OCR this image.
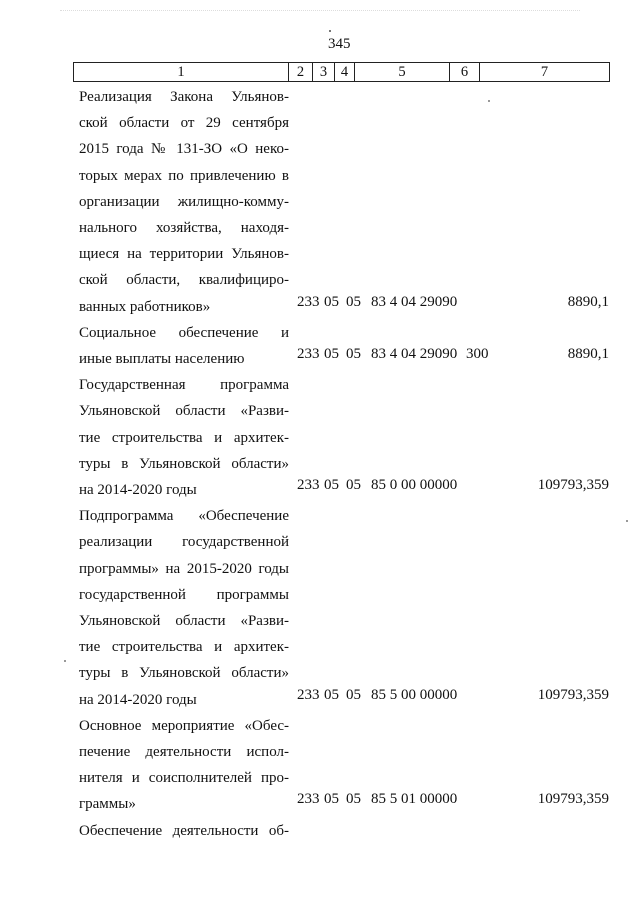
345
1	2	3	4	5	6	7
Реализация Закона Ульянов-
ской области от 29 сентября
2015 года № 131-ЗО «О неко-
торых мерах по привлечению в
организации жилищно-комму-
нального хозяйства, находя-
щиеся на территории Ульянов-
ской области, квалифициро-
ванных работников»	233 05 05 83 4 04 29090	8890,1
Социальное обеспечение и
иные выплаты населению	233 05 05 83 4 04 29090 300	8890,1
Государственная программа
Ульяновской области «Разви-
тие строительства и архитек-
туры в Ульяновской области»
на 2014-2020 годы	233 05 05 85 0 00 00000	109793,359
Подпрограмма «Обеспечение
реализации государственной
программы» на 2015-2020 годы
государственной программы
Ульяновской области «Разви-
тие строительства и архитек-
туры в Ульяновской области»
на 2014-2020 годы	233 05 05 85 5 00 00000	109793,359
Основное мероприятие «Обес-
печение деятельности испол-
нителя и соисполнителей про-
граммы»	233 05 05 85 5 01 00000	109793,359
Обеспечение деятельности об-
